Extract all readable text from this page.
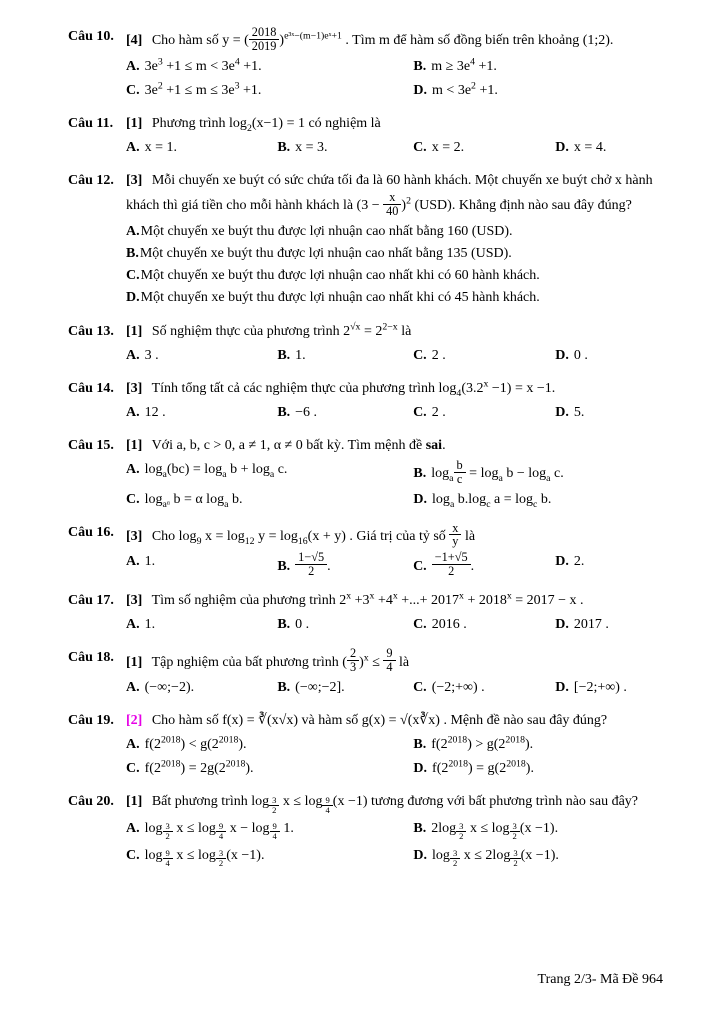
Câu 10. [4] Cho hàm số y = ( $\frac{2018}{2019} )^{e^3ˣ-(m-1)eˣ+1}$ . Tìm m để hàm số đồng biến trên khoảng (1;2).
A. $3e^3 +1 \le m < 3e^4 +1$.	B. $m \ge 3e^4 +1$.
C. $3e^2 +1 \le m \le 3e^3 +1$.	D. $m < 3e^2 +1$.
Câu 11. [1] Phương trình $\log_2(x-1) = 1$ có nghiệm là
A. x = 1.	B. x = 3.	C. x = 2.	D. x = 4.
Câu 12. [3] Mỗi chuyến xe buýt có sức chứa tối đa là 60 hành khách. Một chuyến xe buýt chở x hành khách thì giá tiền cho mỗi hành khách là $(3 - \frac{x}{40} )^2$ (USD). Khẳng định nào sau đây đúng?
A.Một chuyến xe buýt thu được lợi nhuận cao nhất bằng 160 (USD).
B.Một chuyến xe buýt thu được lợi nhuận cao nhất bằng 135 (USD).
C.Một chuyến xe buýt thu được lợi nhuận cao nhất khi có 60 hành khách.
D.Một chuyến xe buýt thu được lợi nhuận cao nhất khi có 45 hành khách.
Câu 13. [1] Số nghiệm thực của phương trình $2^{√x} = 2^{2-x}$ là
A. 3 .	B. 1.	C. 2 .	D. 0 .
Câu 14. [3] Tính tổng tất cả các nghiệm thực của phương trình $\log_4(3.2^x -1) = x -1$.
A. 12 .	B. −6 .	C. 2 .	D. 5.
Câu 15. [1] Với a, b, c > 0, a ≠ 1, α ≠ 0 bất kỳ. Tìm mệnh đề sai.
A. $\log_a(bc) = \log_a b + \log_a c$.	B. $\log_a \frac{b}{c} = \log_a b - \log_a c$.
C. $\log_{aᵅ} b = \alpha$ $\log_a b$.	D. $\log_a b.\log_c$ $a = \log_c b$.
Câu 16. [3] Cho $\log_9 x = \log_{12} y = \log_{16}(x + y)$ . Giá trị của tỷ số $\frac{x}{y}$ là
A. 1.	B. $\frac{1-√5}{2}$ .	C. $\frac{-1+√5}{2}$ .	D. 2.
Câu 17. [3] Tìm số nghiệm của phương trình $2^x +3^x +4^x$ +...+ $2017^x + 2018^x = 2017 - x$ .
A. 1.	B. 0 .	C. 2016 .	D. 2017 .
Câu 18. [1] Tập nghiệm của bất phương trình ( $\frac{2}{3} )^x \le \frac{9}{4}$ là
A. (−∞;−2).	B. (−∞;−2].	C. (−2;+∞) .	D. [−2;+∞) .
Câu 19. [2] Cho hàm số f(x) = ∛(x√x) và hàm số g(x) = √(x∛x) . Mệnh đề nào sau đây đúng?
A. $f(2^{2018}) < g(2^{2018})$.	B. $f(2^{2018}) > g(2^{2018})$.
C. $f(2^{2018}) = 2g(2^{2018})$.	D. $f(2^{2018}) = g(2^{2018})$.
Câu 20. [1] Bất phương trình log $_{\frac{3}{2}}$ x ≤ log $_{\frac{9}{4}}$ (x −1) tương đương với bất phương trình nào sau đây?
A. log $_{\frac{3}{2}}$ x ≤ log $_{\frac{9}{4}}$ x − log $_{\frac{9}{4}}$ 1.	B. 2log $_{\frac{3}{2}}$ x ≤ log $_{\frac{3}{2}}$ (x −1).
C. log $_{\frac{9}{4}}$ x ≤ log $_{\frac{3}{2}}$ (x −1).	D. log $_{\frac{3}{2}}$ x ≤ 2log $_{\frac{3}{2}}$ (x −1).
Trang 2/3- Mã Đề 964
